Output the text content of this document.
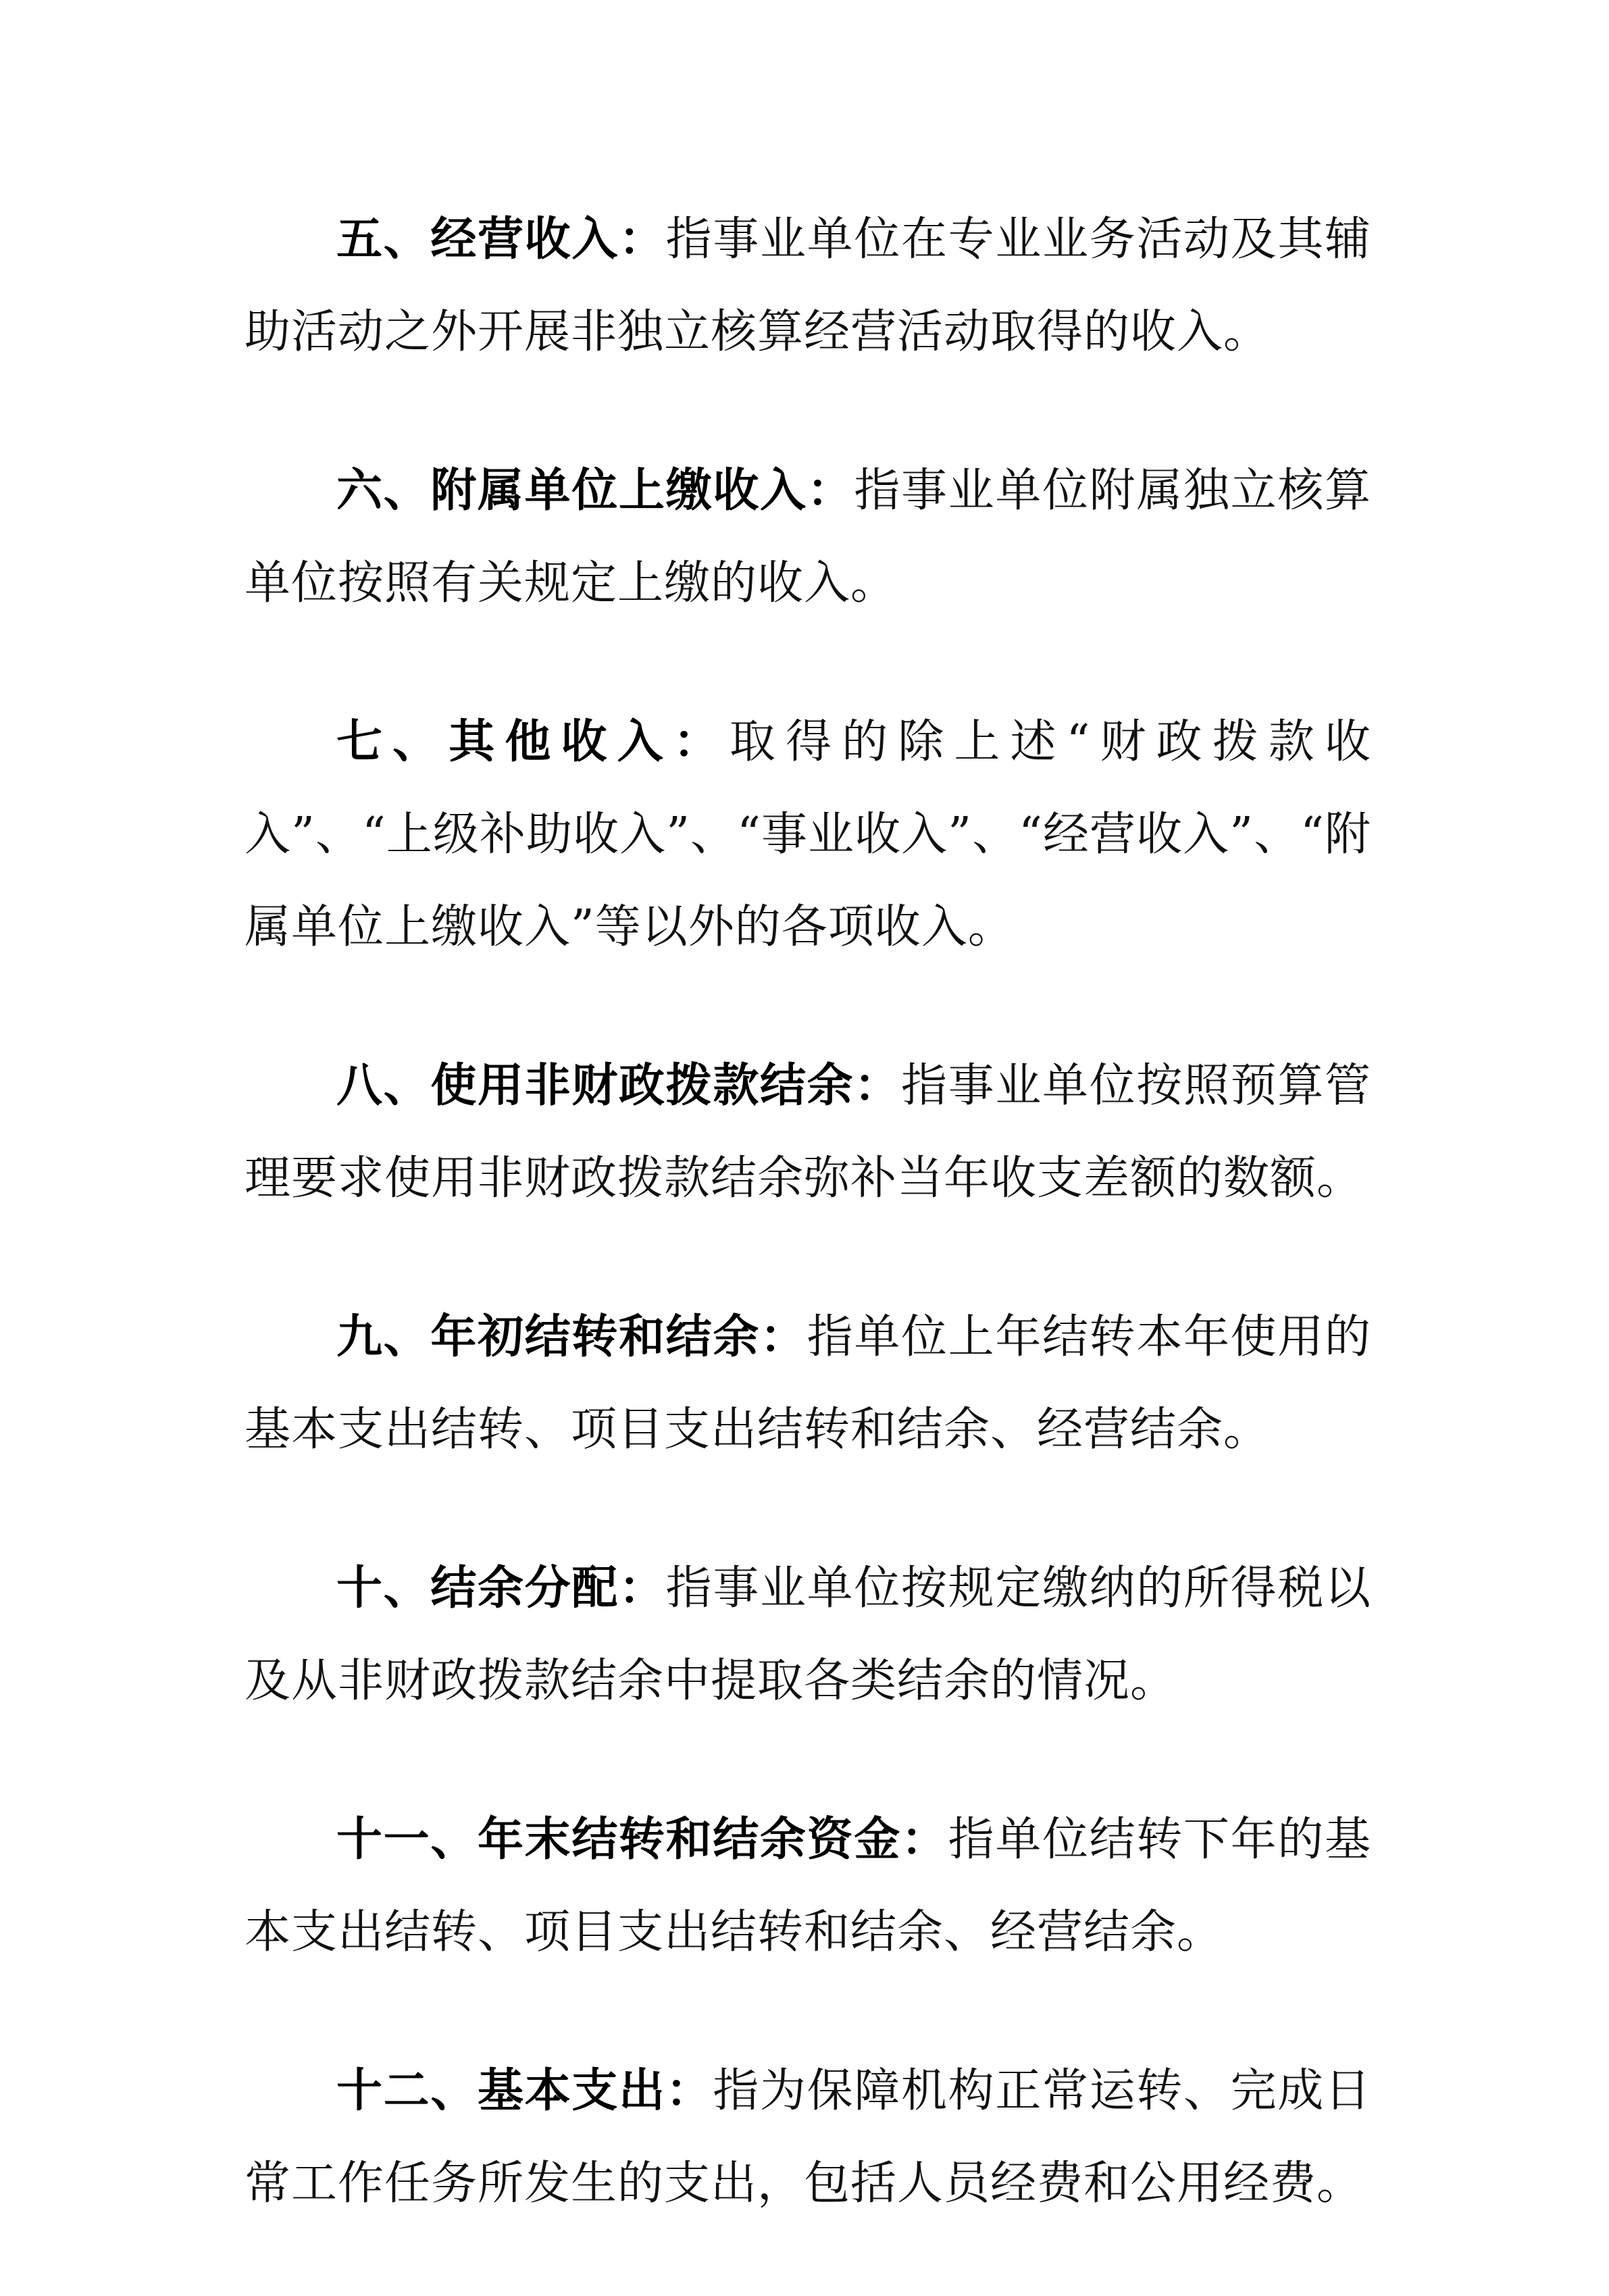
五、经营收入：指事业单位在专业业务活动及其辅助活动之外开展非独立核算经营活动取得的收入。

六、附属单位上缴收入：指事业单位附属独立核算单位按照有关规定上缴的收入。

七、其他收入：取得的除上述“财政拨款收入”、“上级补助收入”、“事业收入”、“经营收入”、“附属单位上缴收入”等以外的各项收入。

八、使用非财政拨款结余：指事业单位按照预算管理要求使用非财政拨款结余弥补当年收支差额的数额。

九、年初结转和结余：指单位上年结转本年使用的基本支出结转、项目支出结转和结余、经营结余。

十、结余分配：指事业单位按规定缴纳的所得税以及从非财政拨款结余中提取各类结余的情况。

十一、年末结转和结余资金：指单位结转下年的基本支出结转、项目支出结转和结余、经营结余。

十二、基本支出：指为保障机构正常运转、完成日常工作任务所发生的支出，包括人员经费和公用经费。
